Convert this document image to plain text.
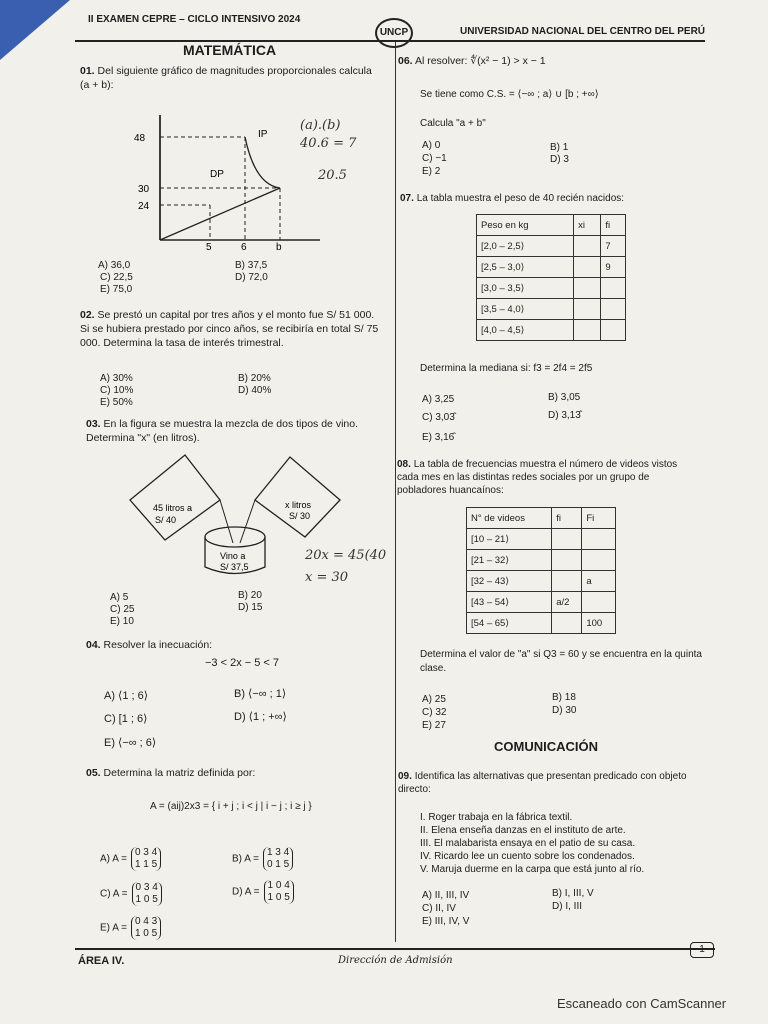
II EXAMEN CEPRE – CICLO INTENSIVO 2024
UNCP	UNIVERSIDAD NACIONAL DEL CENTRO DEL PERÚ
MATEMÁTICA
01. Del siguiente gráfico de magnitudes proporcionales calcula (a + b):
48
30
24
5	6	b
IP
DP
(a).(b)
40.6 = 7
20.5
A) 36,0	B) 37,5
C) 22,5	D) 72,0
E) 75,0
02. Se prestó un capital por tres años y el monto fue S/ 51 000. Si se hubiera prestado por cinco años, se recibiría en total S/ 75 000. Determina la tasa de interés trimestral.
A) 30%	B) 20%
C) 10%	D) 40%
E) 50%
03. En la figura se muestra la mezcla de dos tipos de vino. Determina "x" (en litros).
45 litros a
S/ 40
x litros
S/ 30
Vino a
S/ 37,5
20x = 45(40
x = 30
A) 5	B) 20
C) 25	D) 15
E) 10
04. Resolver la inecuación:
−3 < 2x − 5 < 7
A) ⟨1 ; 6⟩	B) ⟨−∞ ; 1⟩
C) [1 ; 6⟩	D) ⟨1 ; +∞⟩
E) ⟨−∞ ; 6⟩
05. Determina la matriz definida por:
A = (aij)2x3 = { i + j ; i < j | i − j ; i ≥ j }
A) A =0 3 4
1 1 5	B) A =1 3 4
0 1 5
C) A =0 3 4
1 0 5
D) A =1 0 4
1 0 5
E) A =0 4 3
1 0 5
06. Al resolver: ∜(x² − 1) > x − 1
Se tiene como C.S. = ⟨−∞ ; a⟩ ∪ [b ; +∞⟩
Calcula "a + b"
A) 0	B) 1
C) −1	D) 3
E) 2
07. La tabla muestra el peso de 40 recién nacidos:
Peso en kg	xi	fi
[2,0 – 2,5⟩		7
[2,5 – 3,0⟩		9
[3,0 – 3,5⟩		
[3,5 – 4,0⟩		
[4,0 – 4,5⟩		
Determina la mediana si: f3 = 2f4 = 2f5
A) 3,25	B) 3,05
C) 3,03̂	D) 3,13̂
E) 3,16̂
08. La tabla de frecuencias muestra el número de videos vistos cada mes en las distintas redes sociales por un grupo de pobladores huancaínos:
N° de videos	fi	Fi
[10 – 21⟩		
[21 – 32⟩		
[32 – 43⟩		a
[43 – 54⟩	a/2	
[54 – 65⟩		100
Determina el valor de "a" si Q3 = 60 y se encuentra en la quinta clase.
A) 25	B) 18
C) 32	D) 30
E) 27
COMUNICACIÓN
09. Identifica las alternativas que presentan predicado con objeto directo:
I. Roger trabaja en la fábrica textil.
II. Elena enseña danzas en el instituto de arte.
III. El malabarista ensaya en el patio de su casa.
IV. Ricardo lee un cuento sobre los condenados.
V. Maruja duerme en la carpa que está junto al río.
A) II, III, IV	B) I, III, V
C) II, IV	D) I, III
E) III, IV, V
ÁREA IV.	Dirección de Admisión
1
Escaneado con CamScanner
